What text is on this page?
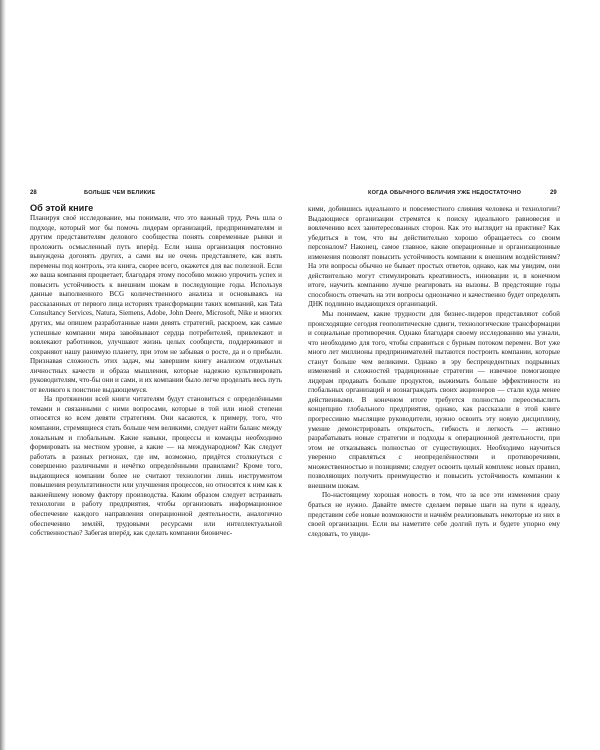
28	БОЛЬШЕ ЧЕМ ВЕЛИКИЕ	КОГДА ОБЫЧНОГО ВЕЛИЧИЯ УЖЕ НЕДОСТАТОЧНО	29
Об этой книге

Планируя своё исследование, мы понимали, что это важный труд. Речь шла о подходе, который мог бы помочь лидерам организаций, предпринимателям и другим представителям делового сообщества понять современные рынки и проложить осмысленный путь вперёд. Если наша организация постоянно вынуждена догонять других, а сами вы не очень представляете, как взять перемены под контроль, эта книга, скорее всего, окажется для вас полезной. Если же ваша компания процветает, благодаря этому пособию можно упрочить успех и повысить устойчивость к внешним шокам в последующие годы. Используя данные выполненного BCG количественного анализа и основываясь на рассказанных от первого лица историях трансформации таких компаний, как Tata Consultancy Services, Natura, Siemens, Adobe, John Deere, Microsoft, Nike и многих других, мы опишем разработанные нами девять стратегий, раскроем, как самые успешные компании мира завоёвывают сердца потребителей, привлекают и вовлекают работников, улучшают жизнь целых сообществ, поддерживают и сохраняют нашу ранимую планету, при этом не забывая о росте, да и о прибыли. Признавая сложность этих задач, мы завершим книгу анализом отдельных личностных качеств и образа мышления, которые надежно культивировать руководителям, что-бы они и сами, и их компании было легче проделать весь путь от великого к поистине выдающемуся.

На протяжении всей книги читателям будут становиться с определёнными темами и связанными с ними вопросами, которые в той или иной степени относятся ко всем девяти стратегиям. Они касаются, к примеру, того, что компании, стремящиеся стать больше чем великими, следует найти баланс между локальным и глобальным. Какие навыки, процессы и команды необходимо формировать на местном уровне, а какие — на международном? Как следует работать в разных регионах, где им, возможно, придётся столкнуться с совершенно различными и нечётко определёнными правилами? Кроме того, выдающиеся компании более не считают технологии лишь инструментом повышения результативности или улучшения процессов, но относятся к ним как к важнейшему новому фактору производства. Каким образом следует встраивать технологии в работу предприятия, чтобы организовать информационное обеспечение каждого направления операционной деятельности, аналогично обеспечению землёй, трудовыми ресурсами или интеллектуальной собственностью? Забегая вперёд, как сделать компании бионичес-

кими, добившись идеального и повсеместного слияния человека и технологии? Выдающиеся организации стремятся к поиску идеального равновесия и вовлечению всех заинтересованных сторон. Как это выглядит на практике? Как убедиться в том, что вы действительно хорошо обращаетесь со своим персоналом? Наконец, самое главное, какие операционные и организационные изменения позволят повысить устойчивость компании к внешним воздействиям? На эти вопросы обычно не бывает простых ответов, однако, как мы увидим, они действительно могут стимулировать креативность, инновации и, в конечном итоге, научить компанию лучше реагировать на вызовы. В предстоящие годы способность отвечать на эти вопросы однозначно и качественно будет определять ДНК подлинно выдающихся организаций.

Мы понимаем, какие трудности для бизнес-лидеров представляют собой происходящие сегодня геополитические сдвиги, технологические трансформации и социальные противоречия. Однако благодаря своему исследованию мы узнали, что необходимо для того, чтобы справиться с бурным потоком перемен. Вот уже много лет миллионы предпринимателей пытаются построить компании, которые станут больше чем великими. Однако в эру беспрецедентных подрывных изменений и сложностей традиционные стратегии — извечное помогающее лидерам продавать больше продуктов, выжимать больше эффективности из глобальных организаций и вознаграждать своих акционеров — стали куда менее действенными. В конечном итоге требуется полностью переосмыслить концепцию глобального предприятия, однако, как рассказали в этой книге прогрессивно мыслящие руководители, нужно освоить эту новую дисциплину, умение демонстрировать открытость, гибкость и легкость — активно разрабатывать новые стратегии и подходы к операционной деятельности, при этом не отказываясь полностью от существующих. Необходимо научиться уверенно справляться с неопределённостями и противоречиями, множественностью и позициями; следует освоить целый комплекс новых правил, позволяющих получить преимущество и повысить устойчивость компании к внешним шокам.

По-настоящему хорошая новость в том, что за все эти изменения сразу браться не нужно. Давайте вместе сделаем первые шаги на пути к идеалу, представим себе новые возможности и начнём реализовывать некоторые из них в своей организации. Если вы наметите себе долгий путь и будете упорно ему следовать, то увиди-
